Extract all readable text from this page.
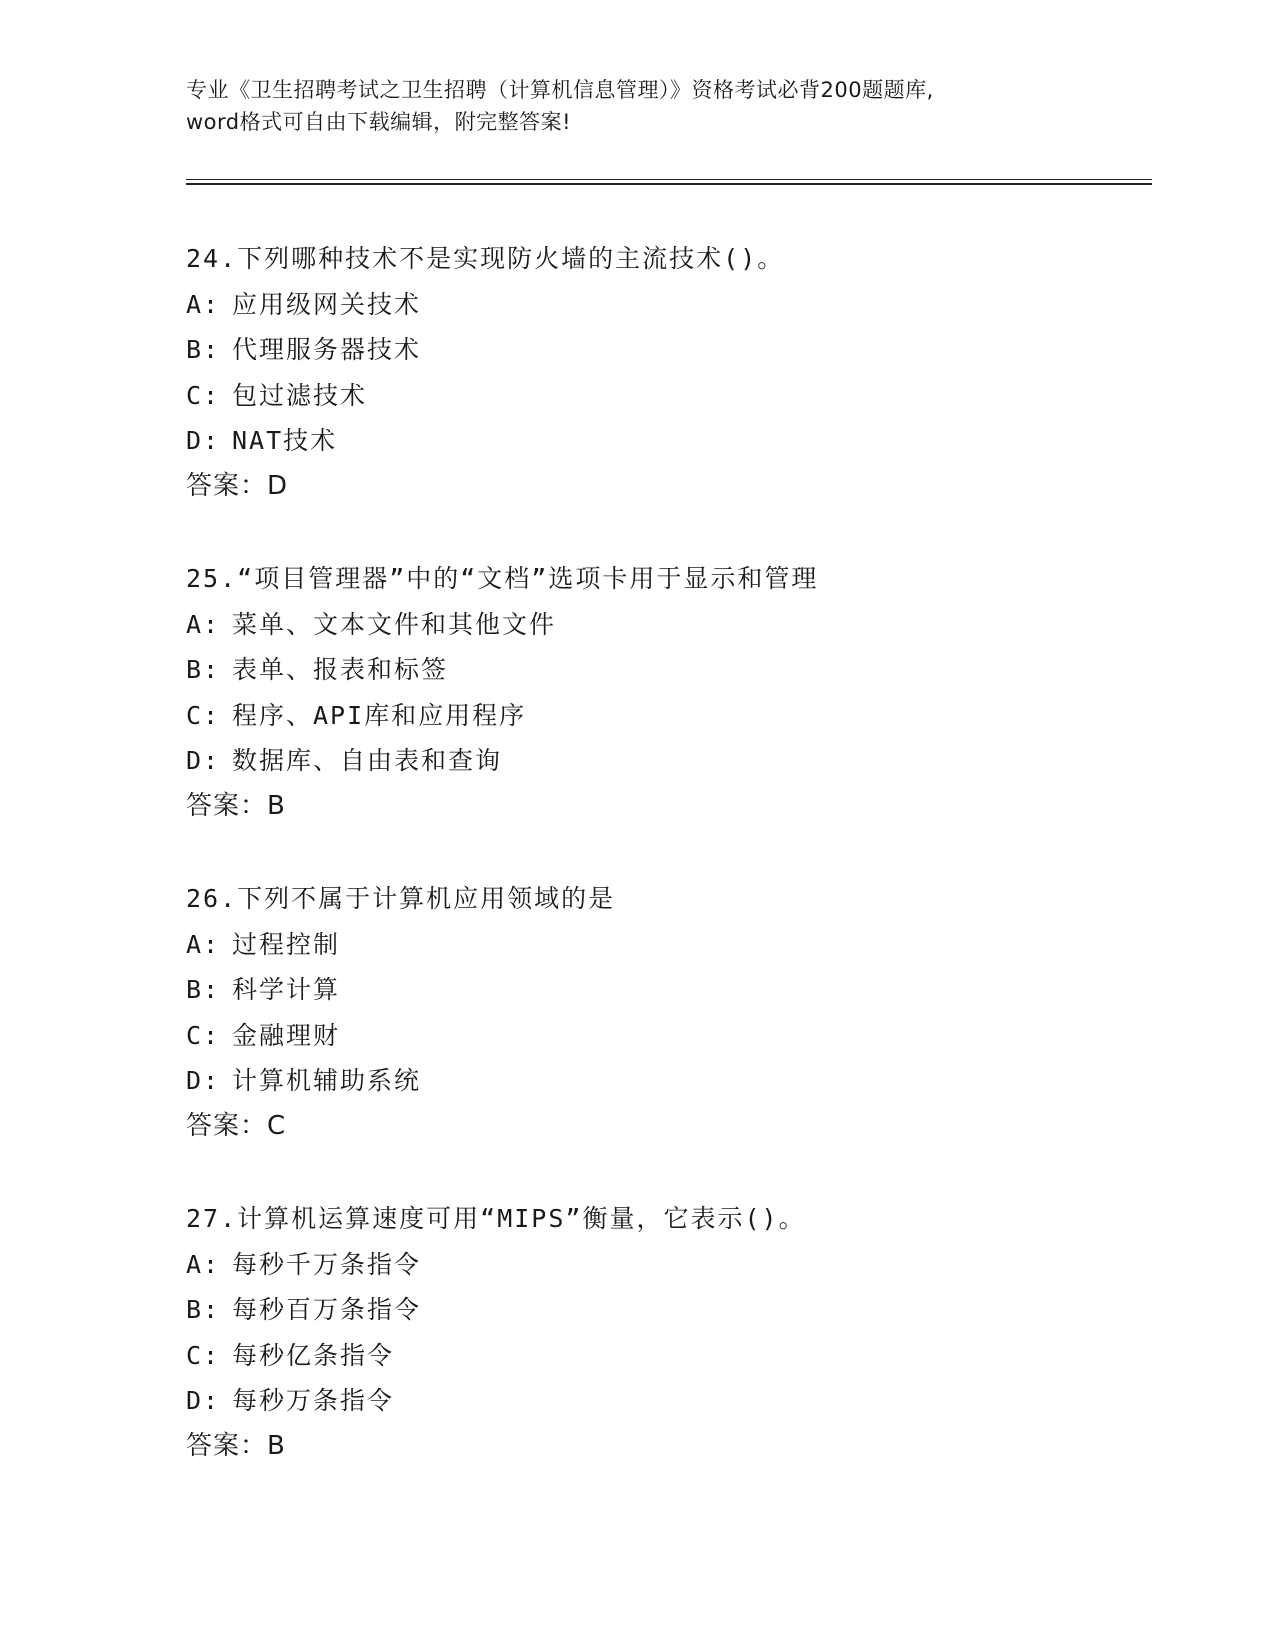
专业《卫生招聘考试之卫生招聘（计算机信息管理）》资格考试必背200题题库,
word格式可自由下载编辑，附完整答案!
24.下列哪种技术不是实现防火墙的主流技术()。
A: 应用级网关技术
B: 代理服务器技术
C: 包过滤技术
D: NAT技术
答案：D
25.“项目管理器”中的“文档”选项卡用于显示和管理
A: 菜单、文本文件和其他文件
B: 表单、报表和标签
C: 程序、API库和应用程序
D: 数据库、自由表和查询
答案：B
26.下列不属于计算机应用领域的是
A: 过程控制
B: 科学计算
C: 金融理财
D: 计算机辅助系统
答案：C
27.计算机运算速度可用“MIPS”衡量，它表示()。
A: 每秒千万条指令
B: 每秒百万条指令
C: 每秒亿条指令
D: 每秒万条指令
答案：B
